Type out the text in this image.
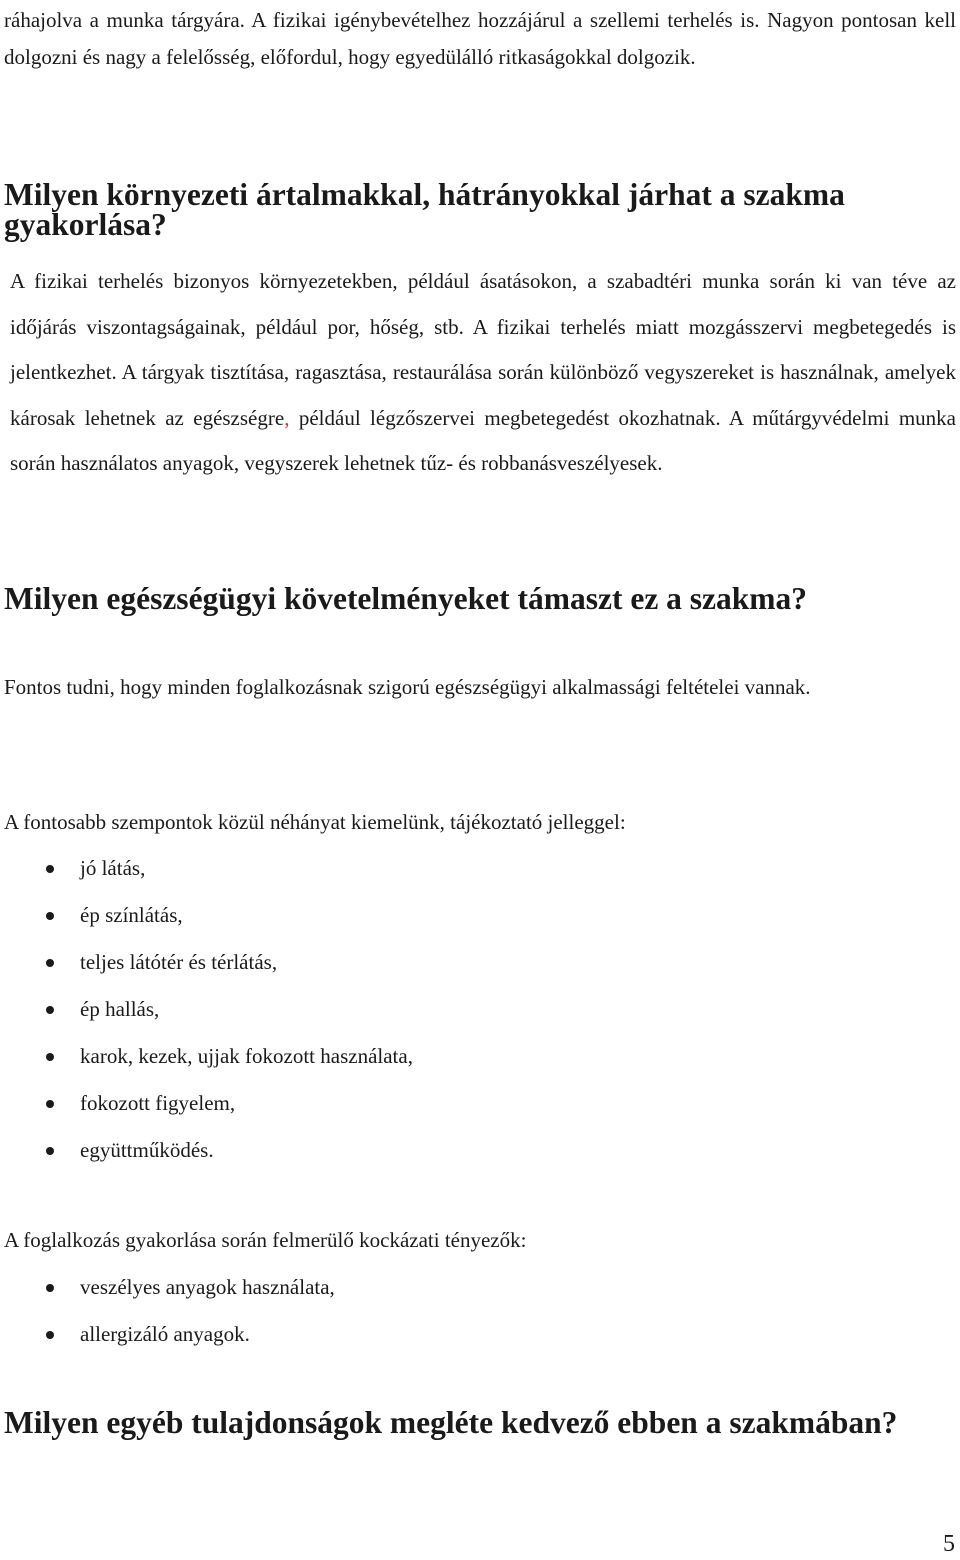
ráhajolva a munka tárgyára. A fizikai igénybevételhez hozzájárul a szellemi terhelés is. Nagyon pontosan kell dolgozni és nagy a felelősség, előfordul, hogy egyedülálló ritkaságokkal dolgozik.

Milyen környezeti ártalmakkal, hátrányokkal járhat a szakma gyakorlása?

A fizikai terhelés bizonyos környezetekben, például ásatásokon, a szabadtéri munka során ki van téve az időjárás viszontagságainak, például por, hőség, stb. A fizikai terhelés miatt mozgásszervi megbetegedés is jelentkezhet. A tárgyak tisztítása, ragasztása, restaurálása során különböző vegyszereket is használnak, amelyek károsak lehetnek az egészségre, például légzőszervei megbetegedést okozhatnak. A műtárgyvédelmi munka során használatos anyagok, vegyszerek lehetnek tűz- és robbanásveszélyesek.

Milyen egészségügyi követelményeket támaszt ez a szakma?

Fontos tudni, hogy minden foglalkozásnak szigorú egészségügyi alkalmassági feltételei vannak.

A fontosabb szempontok közül néhányat kiemelünk, tájékoztató jelleggel:

jó látás,
ép színlátás,
teljes látótér és térlátás,
ép hallás,
karok, kezek, ujjak fokozott használata,
fokozott figyelem,
együttműködés.

A foglalkozás gyakorlása során felmerülő kockázati tényezők:

veszélyes anyagok használata,
allergizáló anyagok.
Milyen egyéb tulajdonságok megléte kedvező ebben a szakmában?
5
